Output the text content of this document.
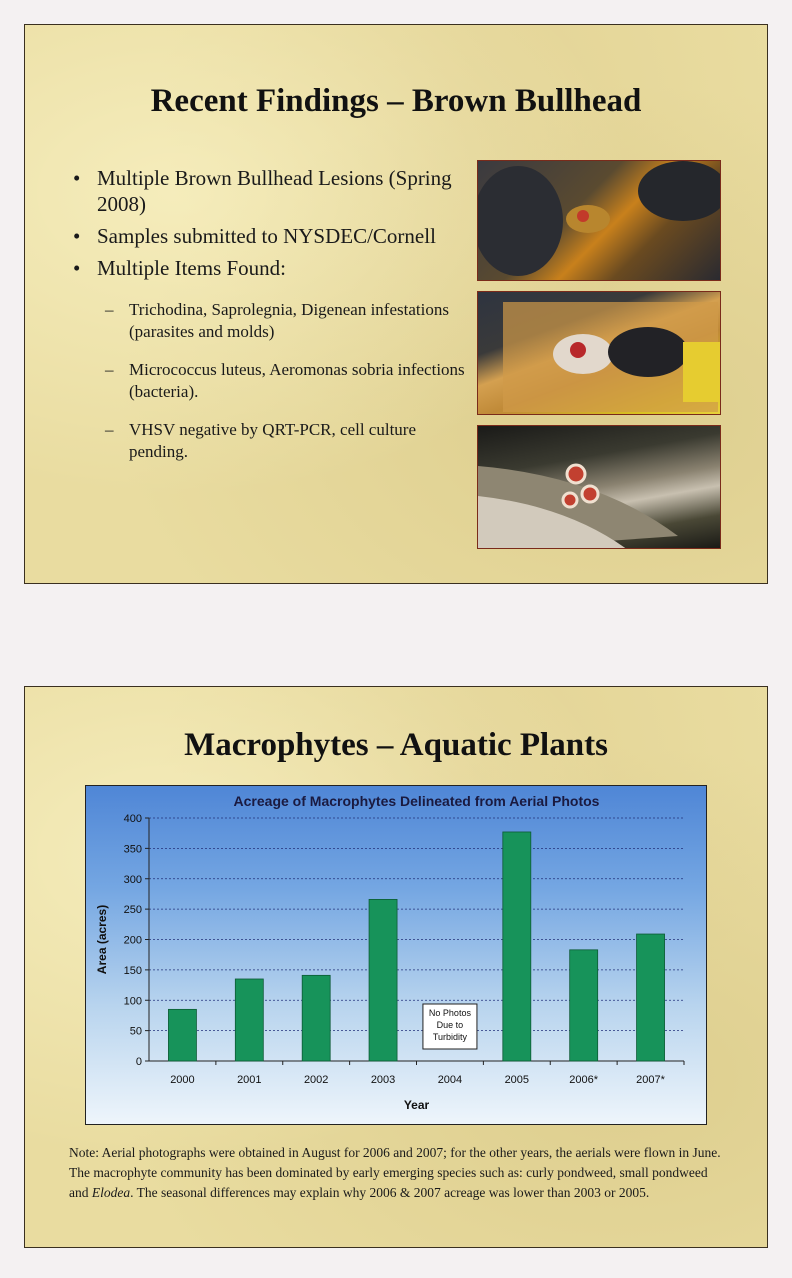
Recent Findings – Brown Bullhead
• Multiple Brown Bullhead Lesions (Spring 2008)
• Samples submitted to NYSDEC/Cornell
• Multiple Items Found:
– Trichodina, Saprolegnia, Digenean infestations (parasites and molds)
– Micrococcus luteus, Aeromonas sobria infections (bacteria).
– VHSV negative by QRT-PCR, cell culture pending.
Macrophytes – Aquatic Plants
Acreage of Macrophytes Delineated from Aerial Photos
0
50
100
150
200
250
300
350
400
2000	2001	2002	2003	2004	2005	2006*	2007*
No Photos
Due to
Turbidity
Year
Area (acres)

Note: Aerial photographs were obtained in August for 2006 and 2007; for the other years, the aerials were flown in June. The macrophyte community has been dominated by early emerging species such as: curly pondweed, small pondweed and Elodea. The seasonal differences may explain why 2006 & 2007 acreage was lower than 2003 or 2005.
